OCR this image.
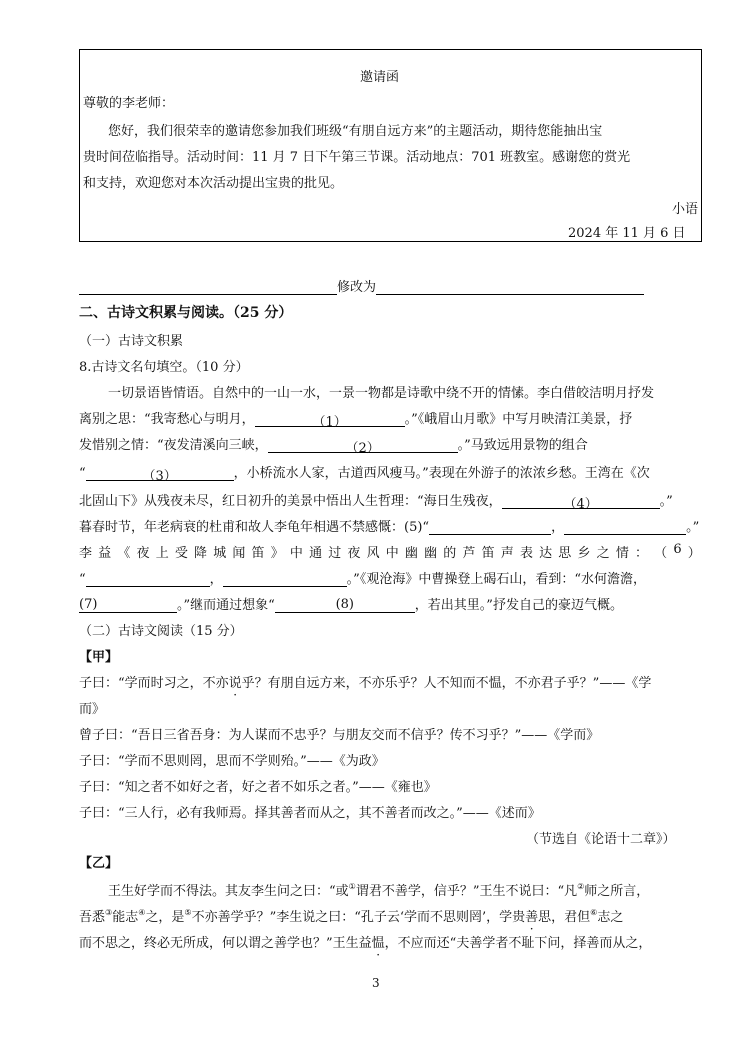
邀请函
尊敬的李老师：
您好，我们很荣幸的邀请您参加我们班级“有朋自远方来”的主题活动，期待您能抽出宝
贵时间莅临指导。活动时间：11 月 7 日下午第三节课。活动地点：701 班教室。感谢您的赏光
和支持，欢迎您对本次活动提出宝贵的批见。
小语
2024 年 11 月 6 日
修改为
二、古诗文积累与阅读。（25 分）
（一）古诗文积累
8.古诗文名句填空。（10 分）
一切景语皆情语。自然中的一山一水，一景一物都是诗歌中绕不开的情愫。李白借皎洁明月抒发
离别之思：“我寄愁心与明月，	（1）	。”《峨眉山月歌》中写月映清江美景，抒
发惜别之情：“夜发清溪向三峡，	（2）	。”马致远用景物的组合
“	（3）	，小桥流水人家，古道西风瘦马。”表现在外游子的浓浓乡愁。王湾在《次
北固山下》从残夜未尽，红日初升的美景中悟出人生哲理：“海日生残夜，	（4）	。”
暮春时节，年老病衰的杜甫和故人李龟年相遇不禁感慨：(5)“	，	。”
李 益 《 夜 上 受 降 城 闻 笛 》 中 通 过 夜 风 中 幽 幽 的 芦 笛 声 表 达 思 乡 之 情 ： （ 6 ）
“	，	。”《观沧海》中曹操登上碣石山，看到：“水何澹澹，
(7)	。”继而通过想象“	(8)	，若出其里。”抒发自己的豪迈气概。
（二）古诗文阅读（15 分）
【甲】
子曰：“学而时习之，不亦说乎？有朋自远方来，不亦乐乎？人不知而不愠，不亦君子乎？”——《学
而》
曾子曰：“吾日三省吾身：为人谋而不忠乎？与朋友交而不信乎？传不习乎？”——《学而》
子曰：“学而不思则罔，思而不学则殆。”——《为政》
子曰：“知之者不如好之者，好之者不如乐之者。”——《雍也》
子曰：“三人行，必有我师焉。择其善者而从之，其不善者而改之。”——《述而》
（节选自《论语十二章》）
【乙】
王生好学而不得法。其友李生问之曰：“或①谓君不善学，信乎？”王生不说曰：“凡②师之所言，
吾悉③能志④之，是⑤不亦善学乎？”李生说之曰：“孔子云‘学而不思则罔’，学贵善思，君但⑥志之
而不思之，终必无所成，何以谓之善学也？”王生益愠，不应而还“夫善学者不耻下问，择善而从之，
3
